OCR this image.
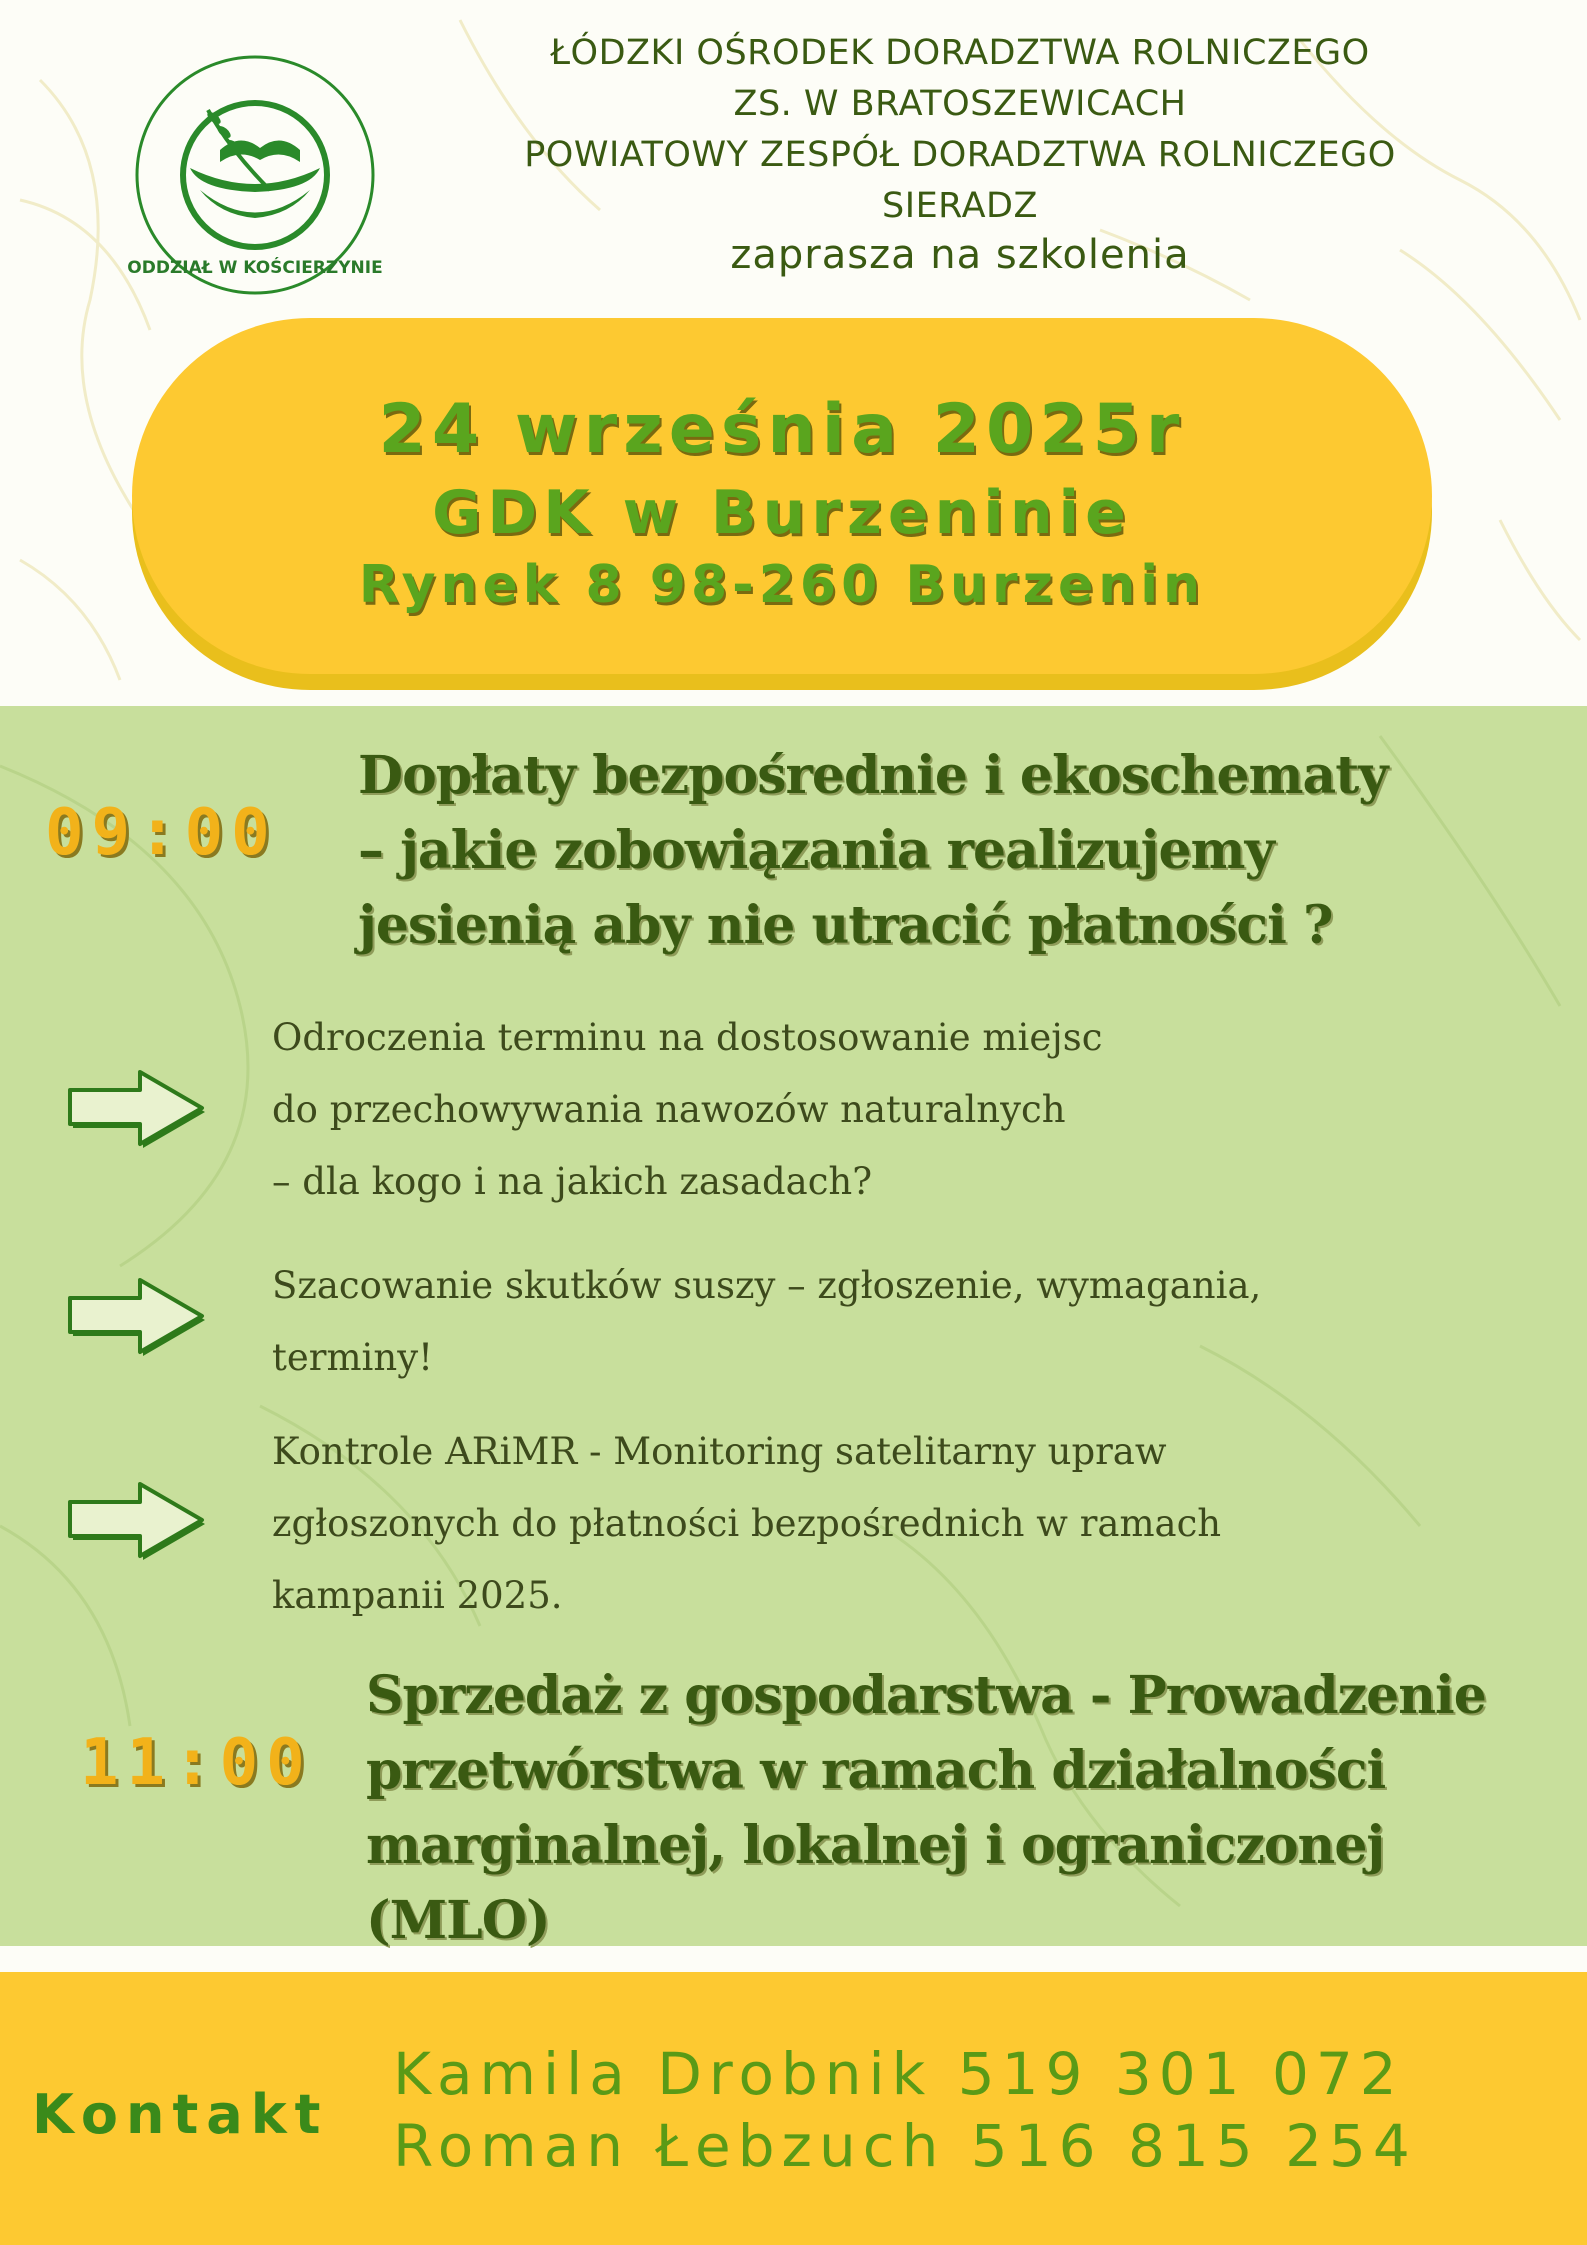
ODDZIAŁ W KOŚCIERZYNIE
ŁÓDZKI OŚRODEK DORADZTWA ROLNICZEGO
ZS. W BRATOSZEWICACH
POWIATOWY ZESPÓŁ DORADZTWA ROLNICZEGO
SIERADZ
zaprasza na szkolenia
24 września 2025r
GDK w Burzeninie
Rynek 8 98-260 Burzenin
09:00
Dopłaty bezpośrednie i ekoschematy
– jakie zobowiązania realizujemy
jesienią aby nie utracić płatności ?
Odroczenia terminu na dostosowanie miejsc
do przechowywania nawozów naturalnych
– dla kogo i na jakich zasadach?
Szacowanie skutków suszy – zgłoszenie, wymagania,
terminy!
Kontrole ARiMR - Monitoring satelitarny upraw
zgłoszonych do płatności bezpośrednich w ramach
kampanii 2025.
11:00
Sprzedaż z gospodarstwa - Prowadzenie
przetwórstwa w ramach działalności
marginalnej, lokalnej i ograniczonej (MLO)
Kontakt
Kamila Drobnik 519 301 072
Roman Łebzuch 516 815 254
